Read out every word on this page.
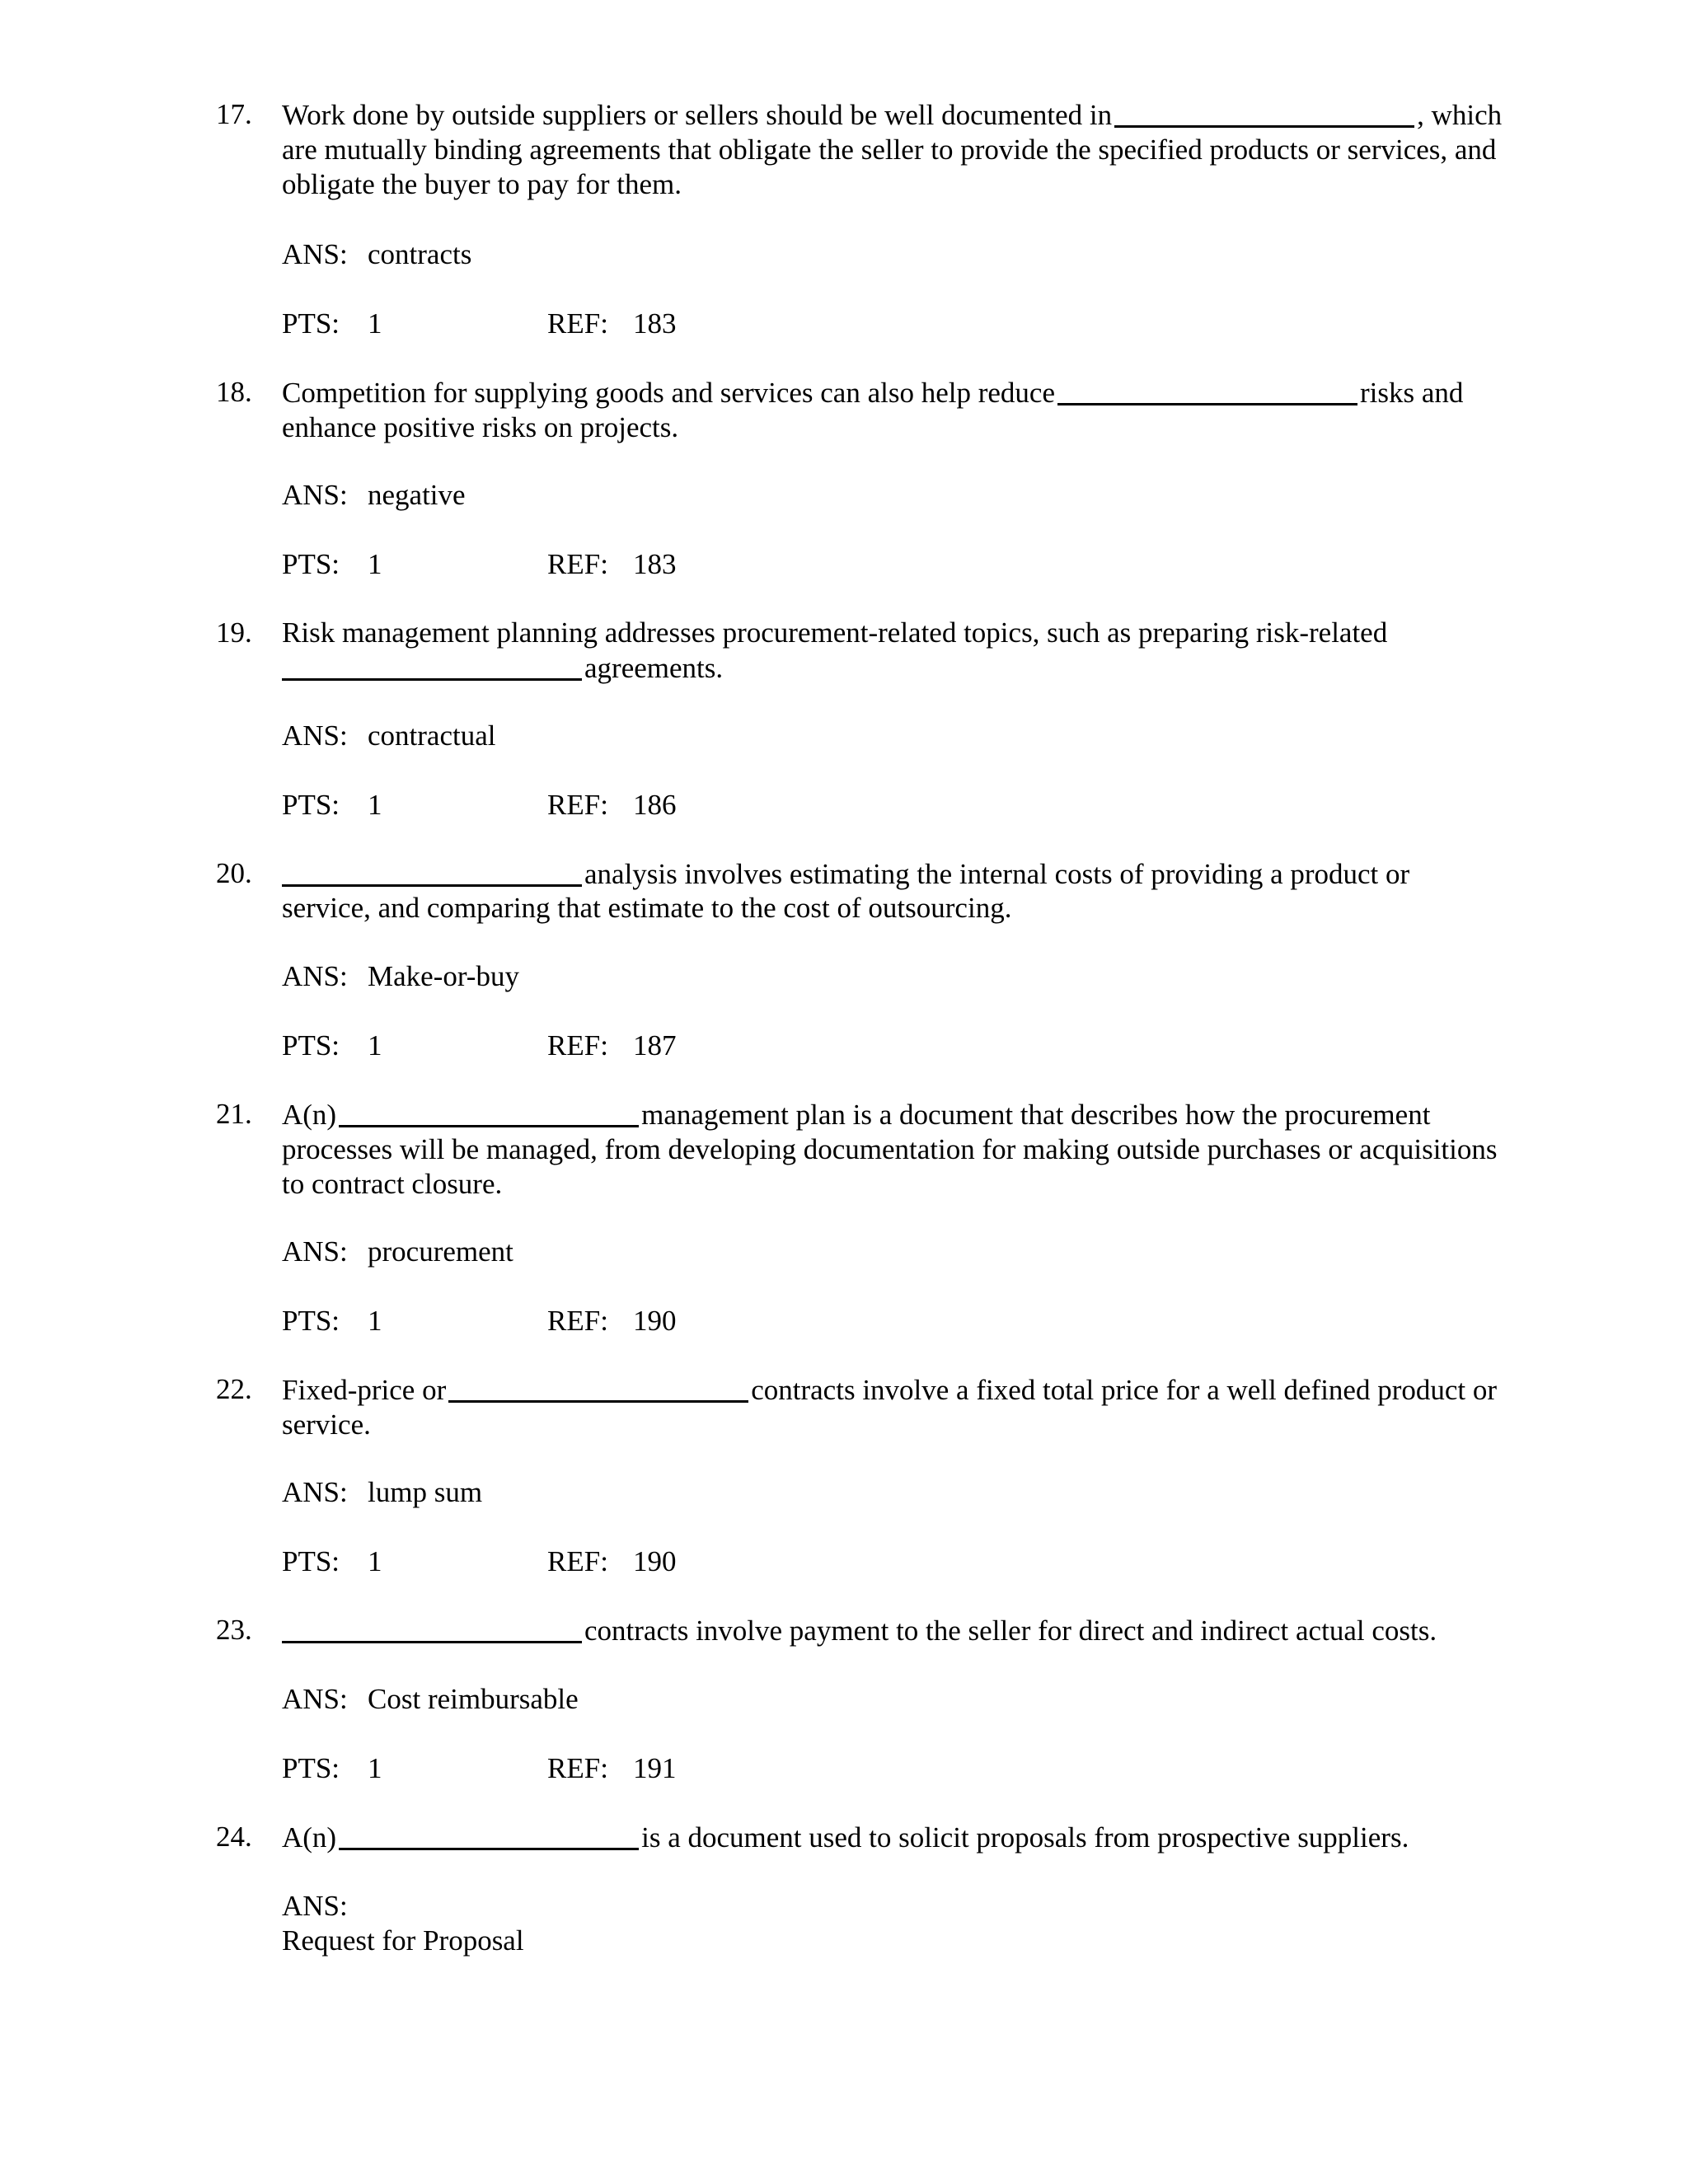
17.	Work done by outside suppliers or sellers should be well documented in	, which are mutually binding agreements that obligate the seller to provide the specified products or services, and obligate the buyer to pay for them.
ANS: contracts
PTS: 1	REF: 183
18.	Competition for supplying goods and services can also help reduce	risks and enhance positive risks on projects.
ANS: negative
PTS: 1	REF: 183
19.	Risk management planning addresses procurement-related topics, such as preparing risk-related
agreements.
ANS: contractual
PTS: 1	REF: 186
20.	analysis involves estimating the internal costs of providing a product or
service, and comparing that estimate to the cost of outsourcing.
ANS: Make-or-buy
PTS: 1	REF: 187
21.	A(n)	management plan is a document that describes how the procurement processes will be managed, from developing documentation for making outside purchases or acquisitions to contract closure.
ANS: procurement
PTS: 1	REF: 190
22.	Fixed-price or	contracts involve a fixed total price for a well defined product or service.
ANS: lump sum
PTS: 1	REF: 190
23.	contracts involve payment to the seller for direct and indirect actual costs.
ANS: Cost reimbursable
PTS: 1	REF: 191
24.	A(n)	is a document used to solicit proposals from prospective suppliers.
ANS:
Request for Proposal
